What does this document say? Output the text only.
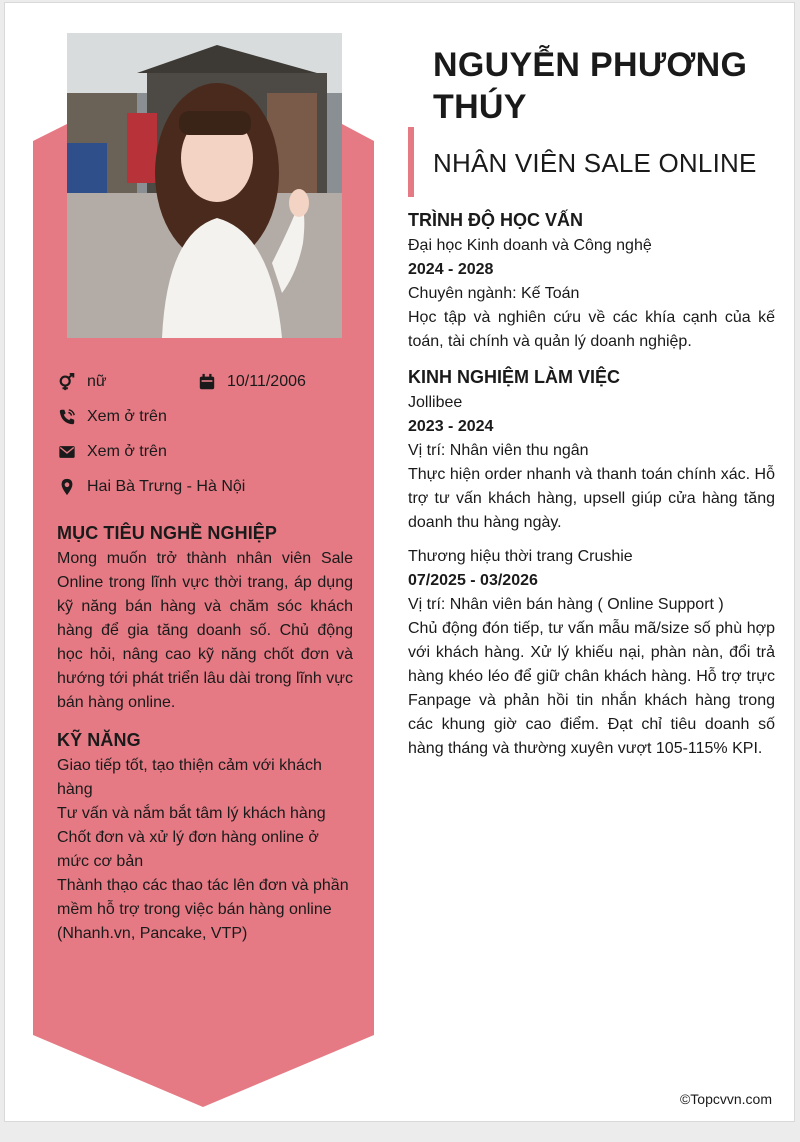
nữ	10/11/2006
Xem ở trên
Xem ở trên
Hai Bà Trưng - Hà Nội
MỤC TIÊU NGHỀ NGHIỆP

Mong muốn trở thành nhân viên Sale Online trong lĩnh vực thời trang, áp dụng kỹ năng bán hàng và chăm sóc khách hàng để gia tăng doanh số. Chủ động học hỏi, nâng cao kỹ năng chốt đơn và hướng tới phát triển lâu dài trong lĩnh vực bán hàng online.

KỸ NĂNG

Giao tiếp tốt, tạo thiện cảm với khách hàng

Tư vấn và nắm bắt tâm lý khách hàng

Chốt đơn và xử lý đơn hàng online ở mức cơ bản

Thành thạo các thao tác lên đơn và phần mềm hỗ trợ trong việc bán hàng online (Nhanh.vn, Pancake, VTP)

NGUYỄN PHƯƠNG THÚY
NHÂN VIÊN SALE ONLINE
TRÌNH ĐỘ HỌC VẤN

Đại học Kinh doanh và Công nghệ

2024 - 2028

Chuyên ngành: Kế Toán

Học tập và nghiên cứu về các khía cạnh của kế toán, tài chính và quản lý doanh nghiệp.

KINH NGHIỆM LÀM VIỆC

Jollibee

2023 - 2024

Vị trí: Nhân viên thu ngân

Thực hiện order nhanh và thanh toán chính xác. Hỗ trợ tư vấn khách hàng, upsell giúp cửa hàng tăng doanh thu hàng ngày.

Thương hiệu thời trang Crushie

07/2025 - 03/2026

Vị trí: Nhân viên bán hàng ( Online Support )

Chủ động đón tiếp, tư vấn mẫu mã/size số phù hợp với khách hàng. Xử lý khiếu nại, phàn nàn, đổi trả hàng khéo léo để giữ chân khách hàng. Hỗ trợ trực Fanpage và phản hồi tin nhắn khách hàng trong các khung giờ cao điểm. Đạt chỉ tiêu doanh số hàng tháng và thường xuyên vượt 105-115% KPI.

©Topcvvn.com
